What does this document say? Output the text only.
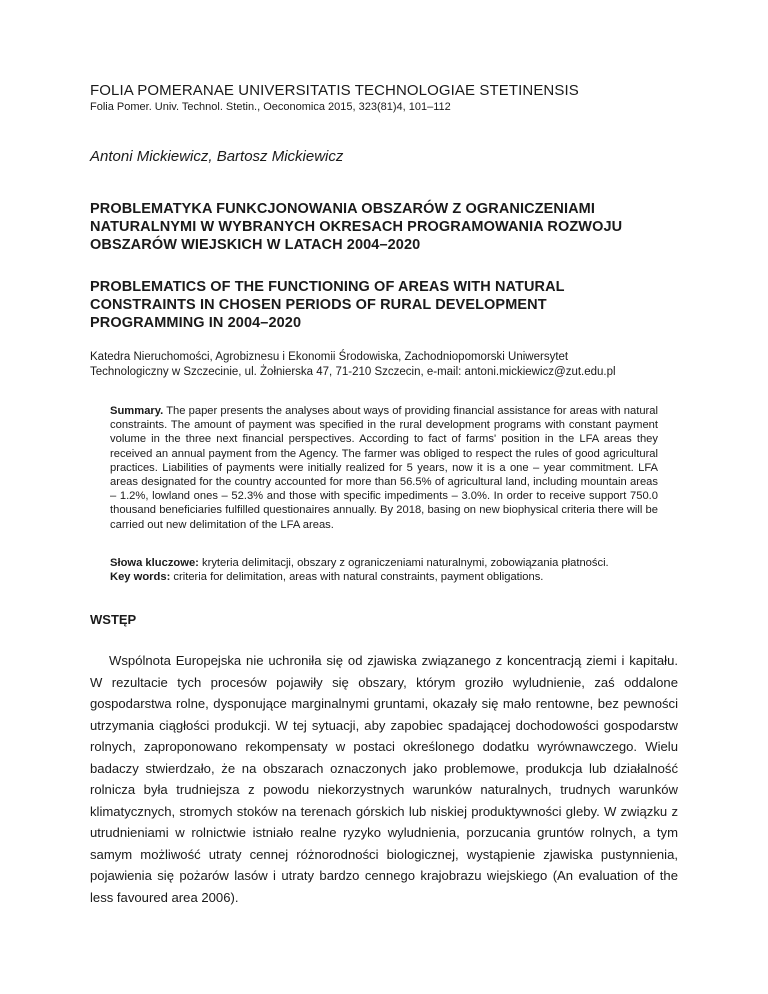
FOLIA POMERANAE UNIVERSITATIS TECHNOLOGIAE STETINENSIS
Folia Pomer. Univ. Technol. Stetin., Oeconomica 2015, 323(81)4, 101–112
Antoni Mickiewicz, Bartosz Mickiewicz
PROBLEMATYKA FUNKCJONOWANIA OBSZARÓW Z OGRANICZENIAMI
NATURALNYMI W WYBRANYCH OKRESACH PROGRAMOWANIA ROZWOJU
OBSZARÓW WIEJSKICH W LATACH 2004–2020
PROBLEMATICS OF THE FUNCTIONING OF AREAS WITH NATURAL
CONSTRAINTS IN CHOSEN PERIODS OF RURAL DEVELOPMENT
PROGRAMMING IN 2004–2020
Katedra Nieruchomości, Agrobiznesu i Ekonomii Środowiska, Zachodniopomorski Uniwersytet
Technologiczny w Szczecinie, ul. Żołnierska 47, 71-210 Szczecin, e-mail: antoni.mickiewicz@zut.edu.pl
Summary. The paper presents the analyses about ways of providing financial assistance for areas with natural constraints. The amount of payment was specified in the rural development programs with constant payment volume in the three next financial perspectives. According to fact of farms' position in the LFA areas they received an annual payment from the Agency. The farmer was obliged to respect the rules of good agricultural practices. Liabilities of payments were initially realized for 5 years, now it is a one – year commitment. LFA areas designated for the country accounted for more than 56.5% of agricultural land, including mountain areas – 1.2%, lowland ones – 52.3% and those with specific impediments – 3.0%. In order to receive support 750.0 thousand beneficiaries fulfilled questionaires annually. By 2018, basing on new biophysical criteria there will be carried out new delimitation of the LFA areas.
Słowa kluczowe: kryteria delimitacji, obszary z ograniczeniami naturalnymi, zobowiązania płatności.
Key words: criteria for delimitation, areas with natural constraints, payment obligations.
WSTĘP
Wspólnota Europejska nie uchroniła się od zjawiska związanego z koncentracją ziemi i kapitału. W rezultacie tych procesów pojawiły się obszary, którym groziło wyludnienie, zaś oddalone gospodarstwa rolne, dysponujące marginalnymi gruntami, okazały się mało rentowne, bez pewności utrzymania ciągłości produkcji. W tej sytuacji, aby zapobiec spadającej dochodowości gospodarstw rolnych, zaproponowano rekompensaty w postaci określonego dodatku wyrównawczego. Wielu badaczy stwierdzało, że na obszarach oznaczonych jako problemowe, produkcja lub działalność rolnicza była trudniejsza z powodu niekorzystnych warunków naturalnych, trudnych warunków klimatycznych, stromych stoków na terenach górskich lub niskiej produktywności gleby. W związku z utrudnieniami w rolnictwie istniało realne ryzyko wyludnienia, porzucania gruntów rolnych, a tym samym możliwość utraty cennej różnorodności biologicznej, wystąpienie zjawiska pustynnienia, pojawienia się pożarów lasów i utraty bardzo cennego krajobrazu wiejskiego (An evaluation of the less favoured area 2006).
